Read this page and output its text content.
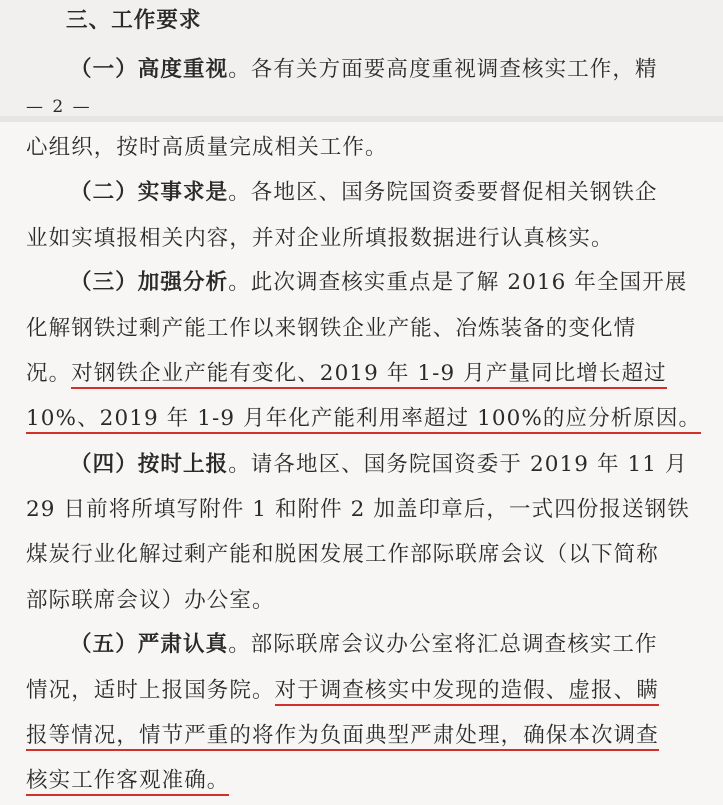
三、工作要求
（一）高度重视。各有关方面要高度重视调查核实工作，精
— 2 —
心组织，按时高质量完成相关工作。
（二）实事求是。各地区、国务院国资委要督促相关钢铁企
业如实填报相关内容，并对企业所填报数据进行认真核实。
（三）加强分析。此次调查核实重点是了解 2016 年全国开展
化解钢铁过剩产能工作以来钢铁企业产能、冶炼装备的变化情
况。对钢铁企业产能有变化、2019 年 1-9 月产量同比增长超过
10%、2019 年 1-9 月年化产能利用率超过 100%的应分析原因。
（四）按时上报。请各地区、国务院国资委于 2019 年 11 月
29 日前将所填写附件 1 和附件 2 加盖印章后，一式四份报送钢铁
煤炭行业化解过剩产能和脱困发展工作部际联席会议（以下简称
部际联席会议）办公室。
（五）严肃认真。部际联席会议办公室将汇总调查核实工作
情况，适时上报国务院。对于调查核实中发现的造假、虚报、瞒
报等情况，情节严重的将作为负面典型严肃处理，确保本次调查
核实工作客观准确。
